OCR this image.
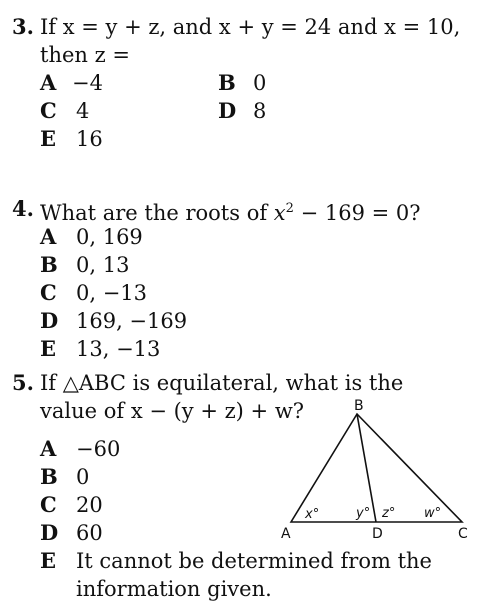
3. If x = y + z, and x + y = 24 and x = 10,
then z =
A −4	B 0
C 4	D 8
E 16
4. What are the roots of $x^2 - 169 = 0$?
A 0, 169
B 0, 13
C 0, −13
D 169, −169
E 13, −13
5. If △ABC is equilateral, what is the
value of x − (y + z) + w?
A −60
B 0
C 20
D 60
E It cannot be determined from the
information given.
B
A	D	C
x°	y° z° w°
